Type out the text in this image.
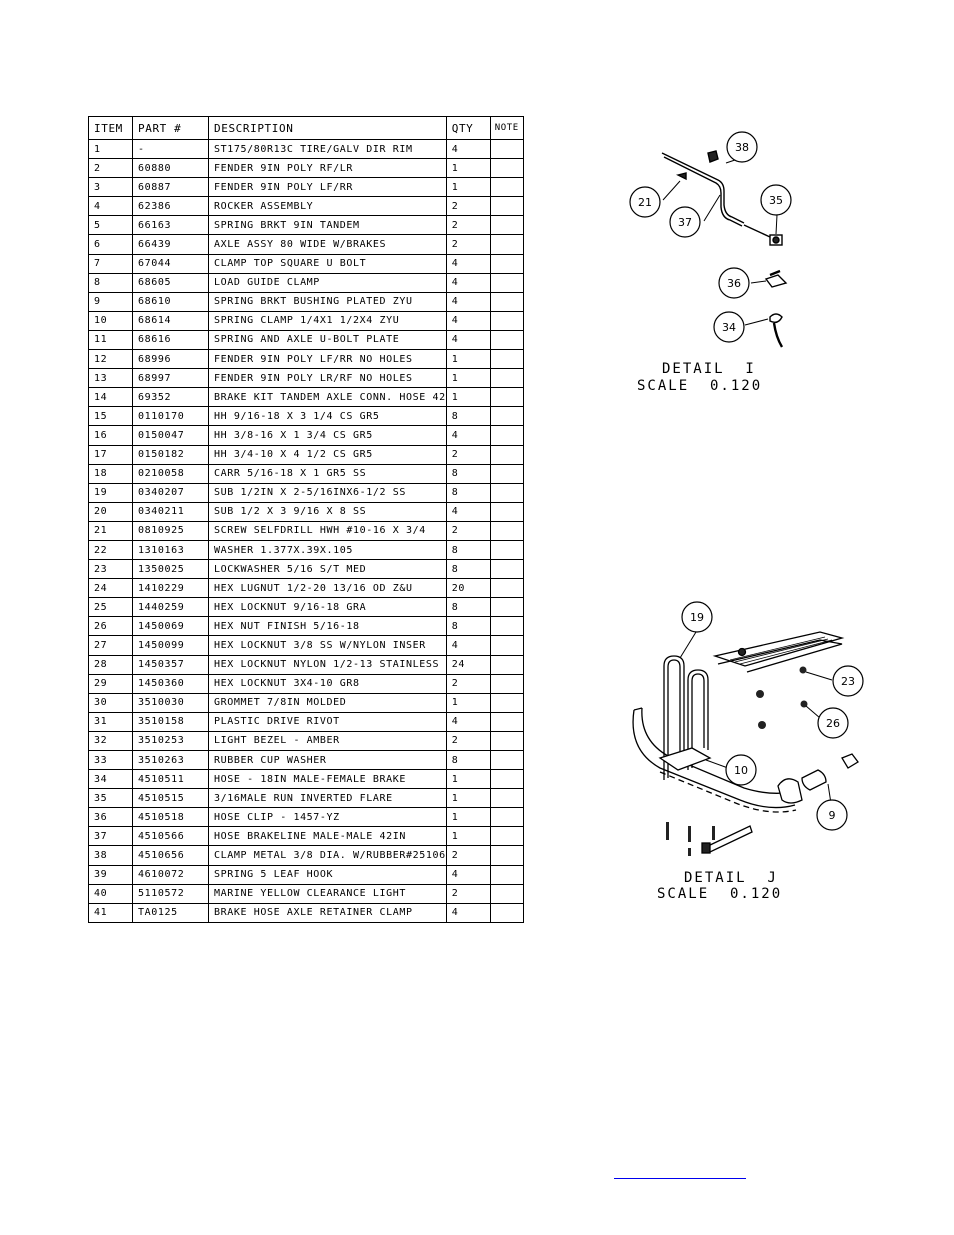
ITEM	PART #	DESCRIPTION	QTY	NOTE
1	-	ST175/80R13C TIRE/GALV DIR RIM	4	
2	60880	FENDER 9IN POLY RF/LR	1	
3	60887	FENDER 9IN POLY LF/RR	1	
4	62386	ROCKER ASSEMBLY	2	
5	66163	SPRING BRKT 9IN TANDEM	2	
6	66439	AXLE ASSY 80 WIDE W/BRAKES	2	
7	67044	CLAMP TOP SQUARE U BOLT	4	
8	68605	LOAD GUIDE CLAMP	4	
9	68610	SPRING BRKT BUSHING PLATED ZYU	4	
10	68614	SPRING CLAMP 1/4X1 1/2X4 ZYU	4	
11	68616	SPRING AND AXLE U-BOLT PLATE	4	
12	68996	FENDER 9IN POLY LF/RR NO HOLES	1	
13	68997	FENDER 9IN POLY LR/RF NO HOLES	1	
14	69352	BRAKE KIT TANDEM AXLE CONN. HOSE 42	1	
15	0110170	HH 9/16-18 X 3 1/4 CS GR5	8	
16	0150047	HH 3/8-16 X 1 3/4 CS GR5	4	
17	0150182	HH 3/4-10 X 4 1/2 CS GR5	2	
18	0210058	CARR 5/16-18 X 1 GR5 SS	8	
19	0340207	SUB 1/2IN X 2-5/16INX6-1/2 SS	8	
20	0340211	SUB 1/2 X 3 9/16 X 8 SS	4	
21	0810925	SCREW SELFDRILL HWH #10-16 X 3/4	2	
22	1310163	WASHER 1.377X.39X.105	8	
23	1350025	LOCKWASHER 5/16 S/T MED	8	
24	1410229	HEX LUGNUT 1/2-20 13/16 OD Z&U	20	
25	1440259	HEX LOCKNUT 9/16-18 GRA	8	
26	1450069	HEX NUT FINISH 5/16-18	8	
27	1450099	HEX LOCKNUT 3/8 SS W/NYLON INSER	4	
28	1450357	HEX LOCKNUT NYLON 1/2-13 STAINLESS	24	
29	1450360	HEX LOCKNUT 3X4-10 GR8	2	
30	3510030	GROMMET 7/8IN MOLDED	1	
31	3510158	PLASTIC DRIVE RIVOT	4	
32	3510253	LIGHT BEZEL - AMBER	2	
33	3510263	RUBBER CUP WASHER	8	
34	4510511	HOSE - 18IN MALE-FEMALE BRAKE	1	
35	4510515	3/16MALE RUN INVERTED FLARE	1	
36	4510518	HOSE CLIP - 1457-YZ	1	
37	4510566	HOSE BRAKELINE MALE-MALE 42IN	1	
38	4510656	CLAMP METAL 3/8 DIA. W/RUBBER#25106	2	
39	4610072	SPRING 5 LEAF HOOK	4	
40	5110572	MARINE YELLOW CLEARANCE LIGHT	2	
41	TA0125	BRAKE HOSE AXLE RETAINER CLAMP	4	
38
21	35
37
36
34
DETAIL  I
SCALE  0.120
19
23
26
10
9
DETAIL  J
SCALE  0.120
